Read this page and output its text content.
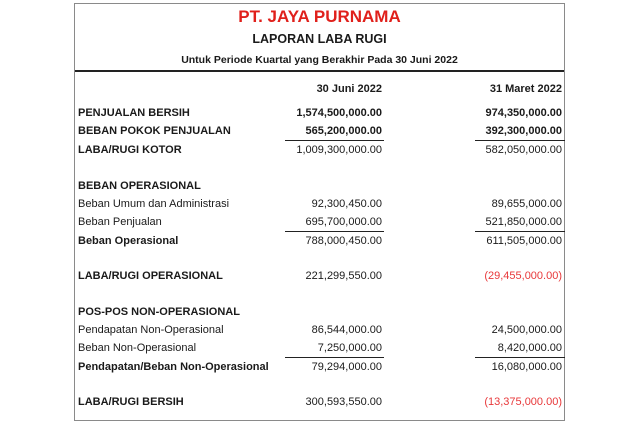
PT. JAYA PURNAMA
LAPORAN LABA RUGI
Untuk Periode Kuartal yang Berakhir Pada 30 Juni 2022
30 Juni 2022	31 Maret 2022
PENJUALAN BERSIH	1,574,500,000.00	974,350,000.00
BEBAN POKOK PENJUALAN	565,200,000.00	392,300,000.00
LABA/RUGI KOTOR	1,009,300,000.00	582,050,000.00
BEBAN OPERASIONAL
Beban Umum dan Administrasi	92,300,450.00	89,655,000.00
Beban Penjualan	695,700,000.00	521,850,000.00
Beban Operasional	788,000,450.00	611,505,000.00
LABA/RUGI OPERASIONAL	221,299,550.00	(29,455,000.00)
POS-POS NON-OPERASIONAL
Pendapatan Non-Operasional	86,544,000.00	24,500,000.00
Beban Non-Operasional	7,250,000.00	8,420,000.00
Pendapatan/Beban Non-Operasional	79,294,000.00	16,080,000.00
LABA/RUGI BERSIH	300,593,550.00	(13,375,000.00)
